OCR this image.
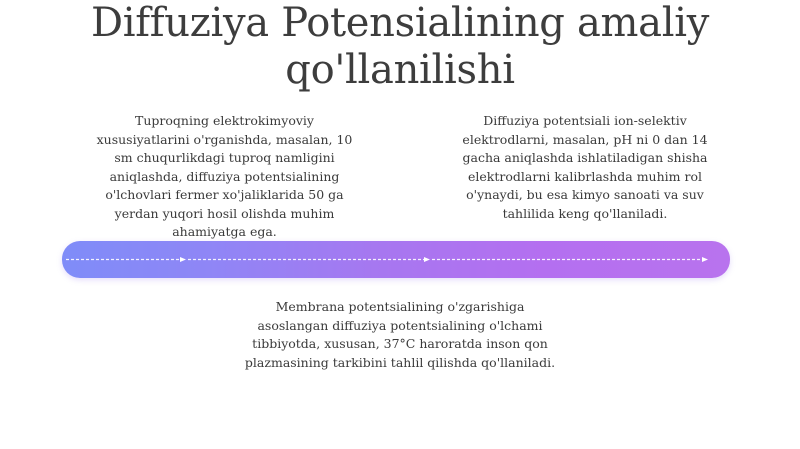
Diffuziya Potensialining amaliy
qo'llanilishi

Tuproqning elektrokimyoviy
xususiyatlarini o'rganishda, masalan, 10
sm chuqurlikdagi tuproq namligini
aniqlashda, diffuziya potentsialining
o'lchovlari fermer xo'jaliklarida 50 ga
yerdan yuqori hosil olishda muhim
ahamiyatga ega.

Diffuziya potentsiali ion-selektiv
elektrodlarni, masalan, pH ni 0 dan 14
gacha aniqlashda ishlatiladigan shisha
elektrodlarni kalibrlashda muhim rol
o'ynaydi, bu esa kimyo sanoati va suv
tahlilida keng qo'llaniladi.

Membrana potentsialining o'zgarishiga
asoslangan diffuziya potentsialining o'lchami
tibbiyotda, xususan, 37°C haroratda inson qon
plazmasining tarkibini tahlil qilishda qo'llaniladi.
